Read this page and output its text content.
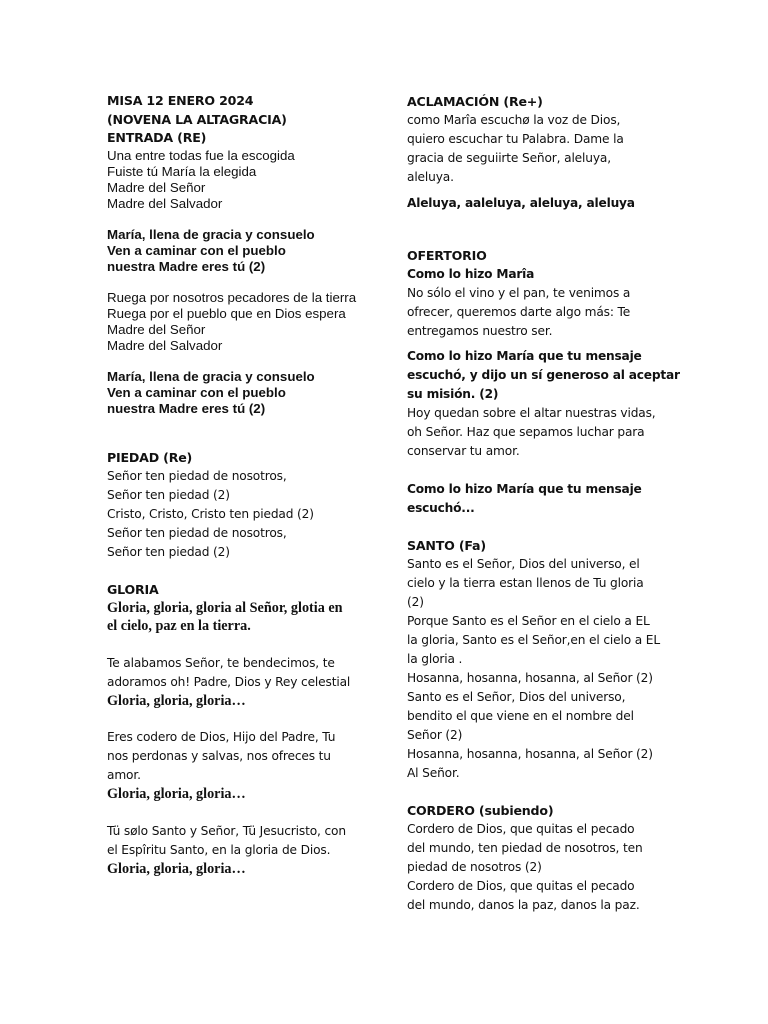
MISA 12 ENERO 2024
(NOVENA LA ALTAGRACIA)
ENTRADA (RE)
Una entre todas fue la escogida
Fuiste tú María la elegida
Madre del Señor
Madre del Salvador
María, llena de gracia y consuelo
Ven a caminar con el pueblo
nuestra Madre eres tú (2)
Ruega por nosotros pecadores de la tierra
Ruega por el pueblo que en Dios espera
Madre del Señor
Madre del Salvador
María, llena de gracia y consuelo
Ven a caminar con el pueblo
nuestra Madre eres tú (2)
PIEDAD (Re)
Señor ten piedad de nosotros,
Señor ten piedad (2)
Cristo, Cristo, Cristo ten piedad (2)
Señor ten piedad de nosotros,
Señor ten piedad (2)
GLORIA
Gloria, gloria, gloria al Señor, glotia en
el cielo, paz en la tierra.
Te alabamos Señor, te bendecimos, te
adoramos oh! Padre, Dios y Rey celestial
Gloria, gloria, gloria…
Eres codero de Dios, Hijo del Padre, Tu
nos perdonas y salvas, nos ofreces tu
amor.
Gloria, gloria, gloria…
Tü sølo Santo y Señor, Tü Jesucristo, con
el Espîritu Santo, en la gloria de Dios.
Gloria, gloria, gloria…
ACLAMACIÓN (Re+)
como Marîa escuchø la voz de Dios,
quiero escuchar tu Palabra. Dame la
gracia de seguiirte Señor, aleluya,
aleluya.
Aleluya, aaleluya, aleluya, aleluya
OFERTORIO
Como lo hizo Marîa
No sólo el vino y el pan, te venimos a
ofrecer, queremos darte algo más: Te
entregamos nuestro ser.
Como lo hizo María que tu mensaje
escuchó, y dijo un sí generoso al aceptar
su misión. (2)
Hoy quedan sobre el altar nuestras vidas,
oh Señor. Haz que sepamos luchar para
conservar tu amor.
Como lo hizo María que tu mensaje
escuchó...
SANTO (Fa)
Santo es el Señor, Dios del universo, el
cielo y la tierra estan llenos de Tu gloria
(2)
Porque Santo es el Señor en el cielo a EL
la gloria, Santo es el Señor,en el cielo a EL
la gloria .
Hosanna, hosanna, hosanna, al Señor (2)
Santo es el Señor, Dios del universo,
bendito el que viene en el nombre del
Señor (2)
Hosanna, hosanna, hosanna, al Señor (2)
Al Señor.
CORDERO (subiendo)
Cordero de Dios, que quitas el pecado
del mundo, ten piedad de nosotros, ten
piedad de nosotros (2)
Cordero de Dios, que quitas el pecado
del mundo, danos la paz, danos la paz.
